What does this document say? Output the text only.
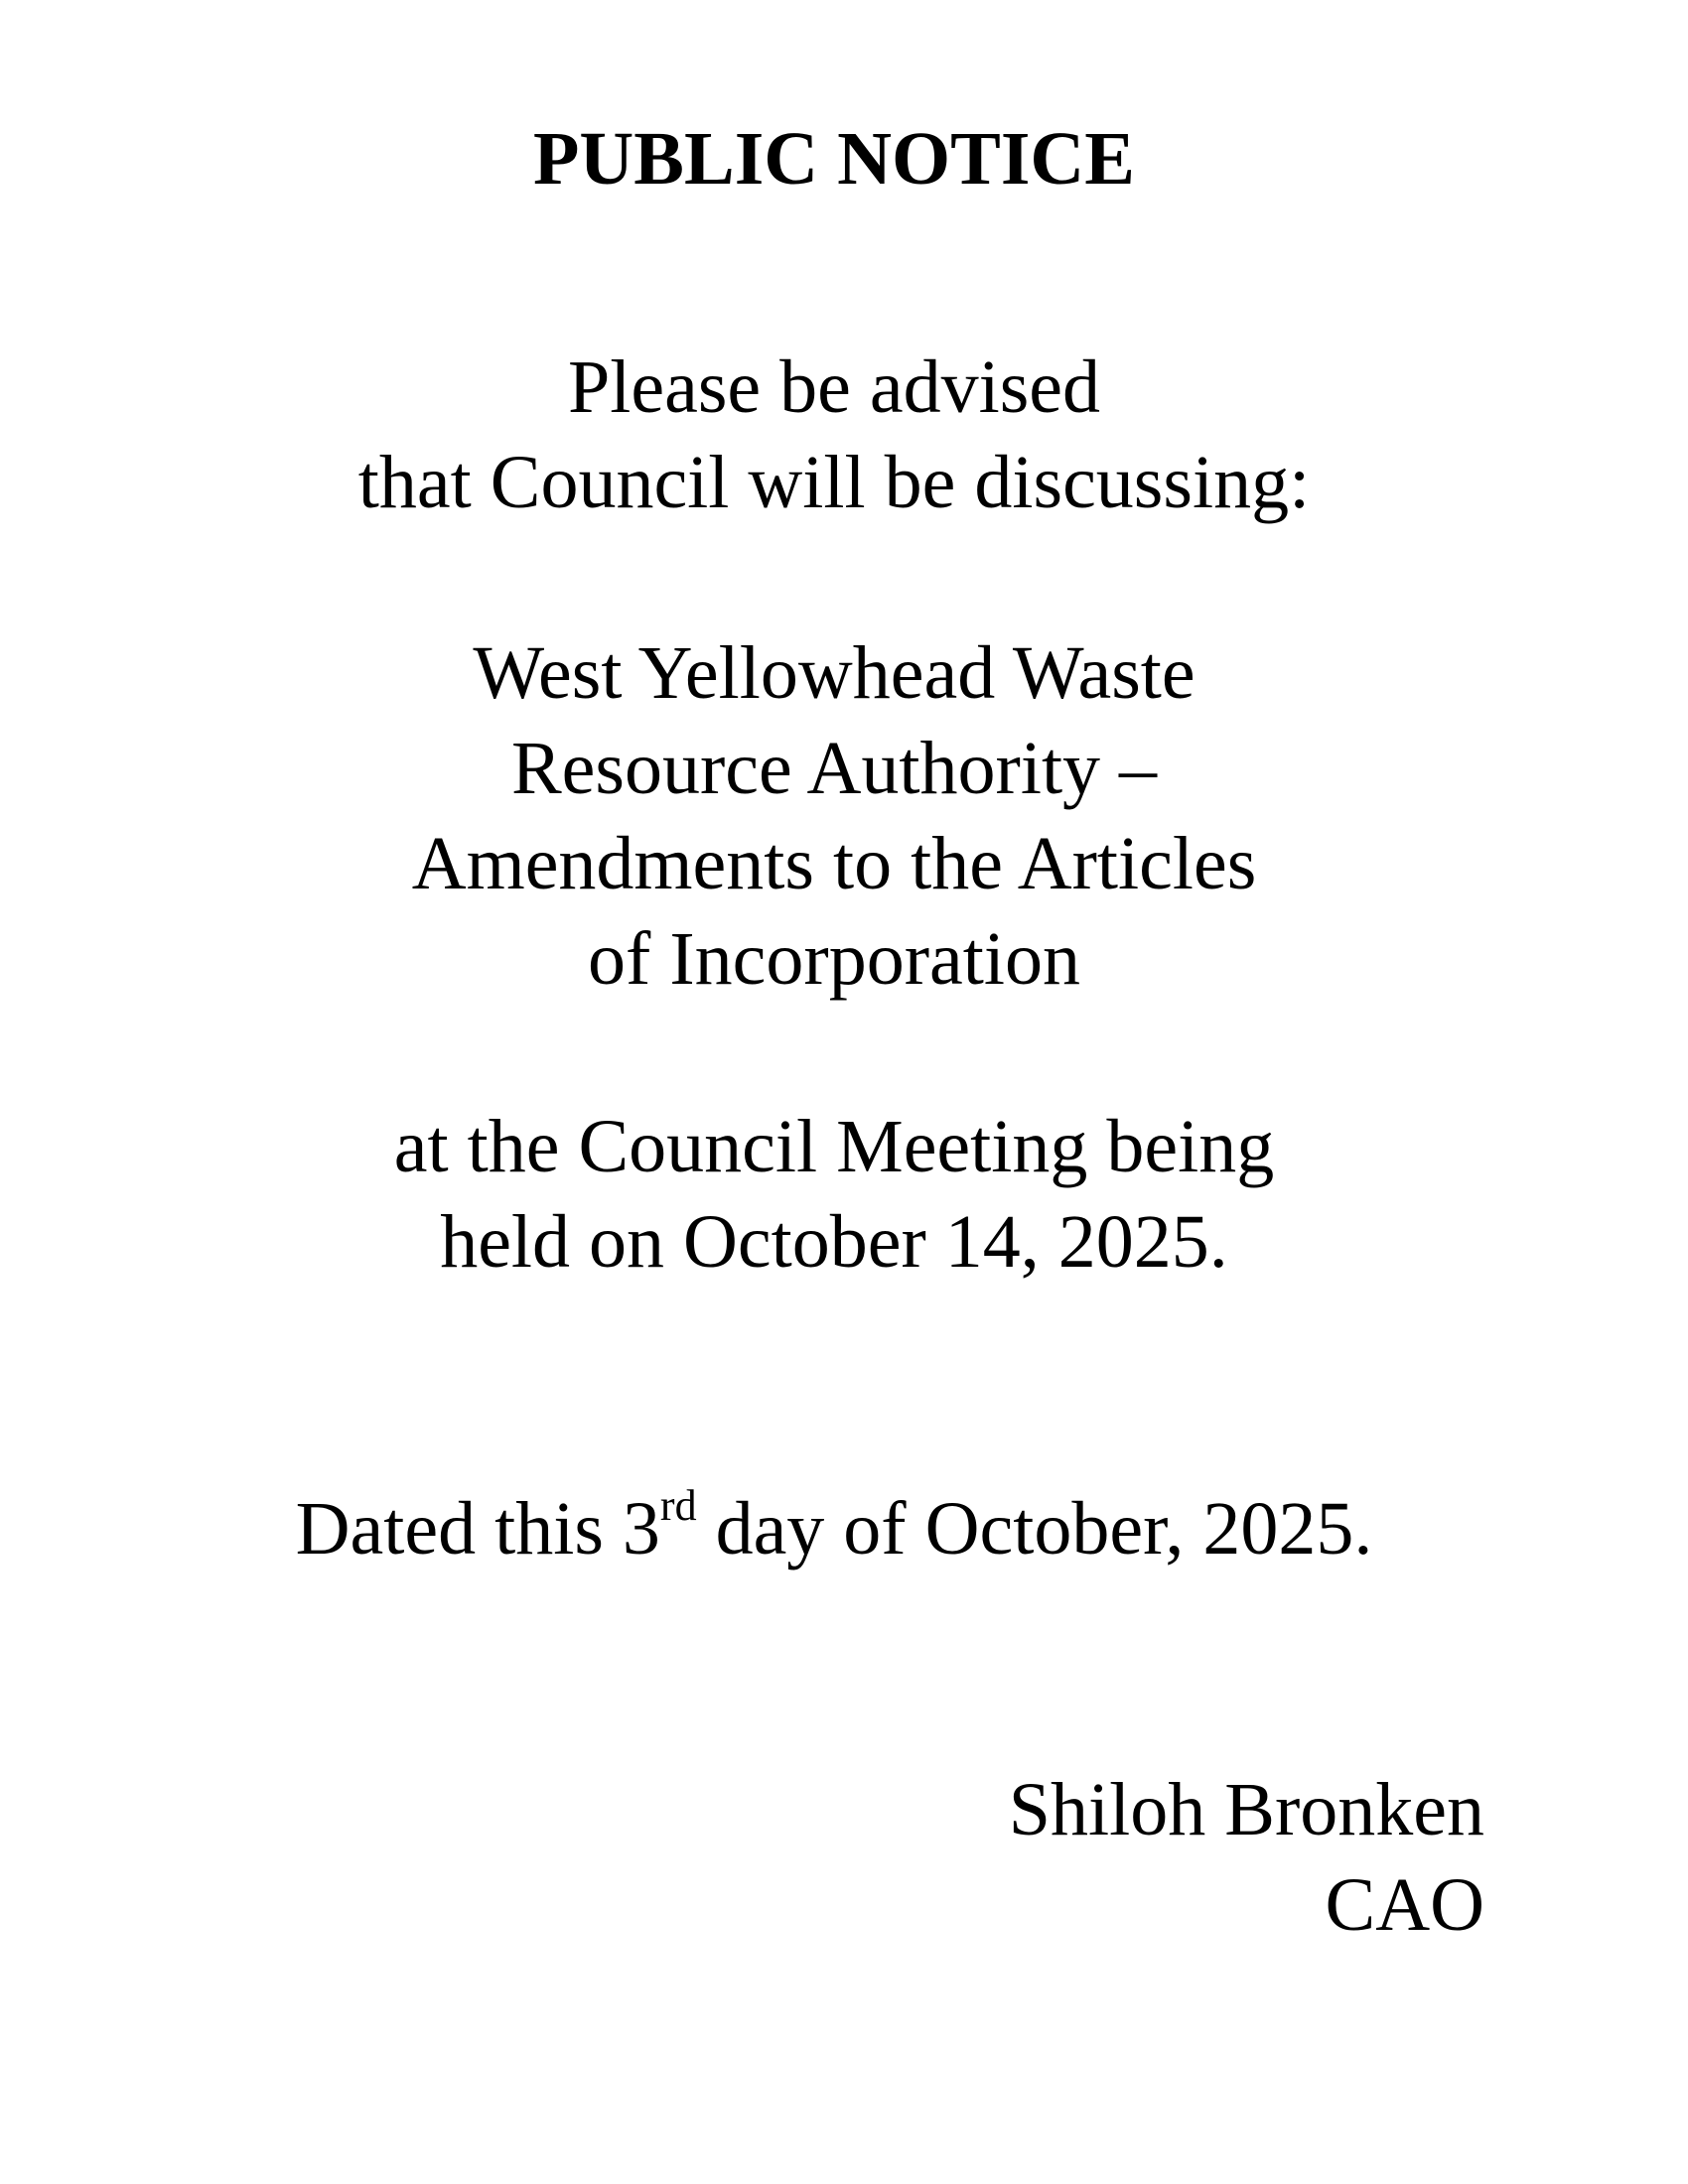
PUBLIC NOTICE

Please be advised
that Council will be discussing:

West Yellowhead Waste
Resource Authority –
Amendments to the Articles
of Incorporation

at the Council Meeting being
held on October 14, 2025.

Dated this 3rd day of October, 2025.

Shiloh Bronken
CAO
